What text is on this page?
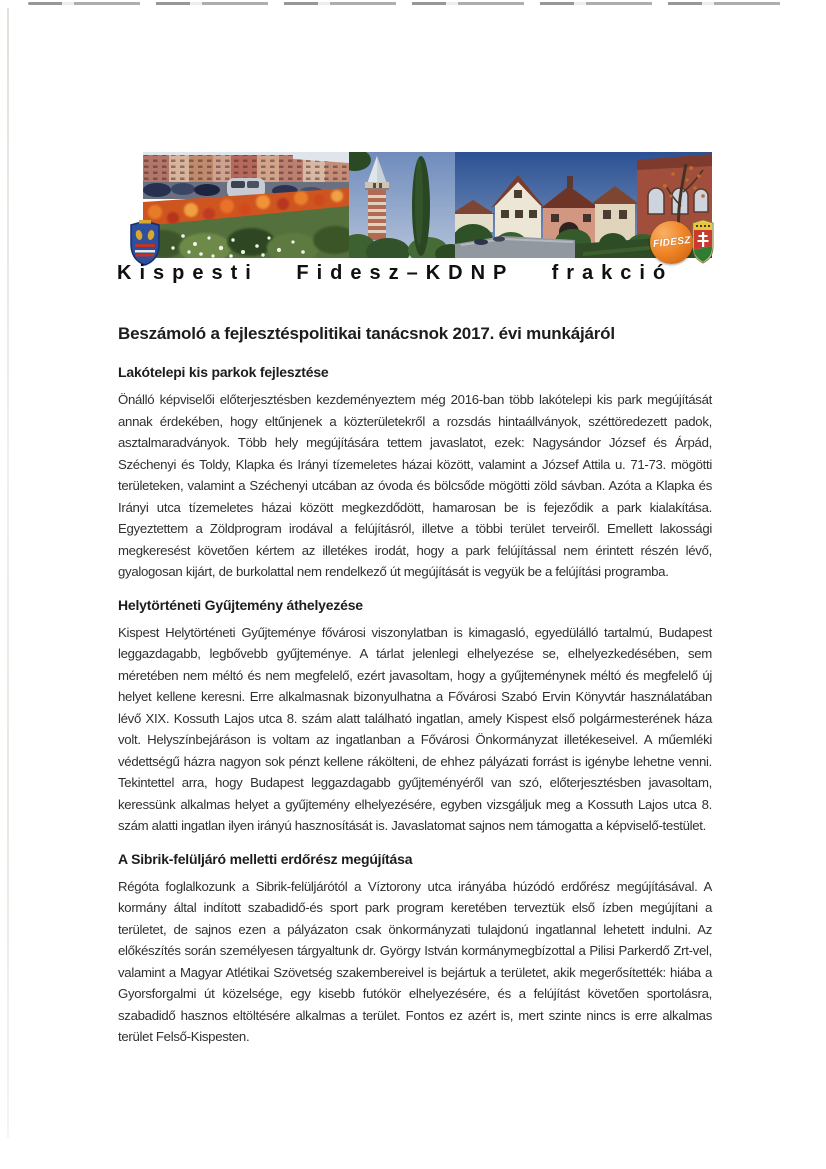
FIDESZ
Kispesti Fidesz–KDNP frakció
Beszámoló a fejlesztéspolitikai tanácsnok 2017. évi munkájáról
Lakótelepi kis parkok fejlesztése

Önálló képviselői előterjesztésben kezdeményeztem még 2016-ban több lakótelepi kis park megújítását annak érdekében, hogy eltűnjenek a közterületekről a rozsdás hintaállványok, széttöredezett padok, asztalmaradványok. Több hely megújítására tettem javaslatot, ezek: Nagysándor József és Árpád, Széchenyi és Toldy, Klapka és Irányi tízemeletes házai között, valamint a József Attila u. 71-73. mögötti területeken, valamint a Széchenyi utcában az óvoda és bölcsőde mögötti zöld sávban. Azóta a Klapka és Irányi utca tízemeletes házai között megkezdődött, hamarosan be is fejeződik a park kialakítása. Egyeztettem a Zöldprogram irodával a felújításról, illetve a többi terület terveiről. Emellett lakossági megkeresést követően kértem az illetékes irodát, hogy a park felújítással nem érintett részén lévő, gyalogosan kijárt, de burkolattal nem rendelkező út megújítását is vegyük be a felújítási programba.

Helytörténeti Gyűjtemény áthelyezése

Kispest Helytörténeti Gyűjteménye fővárosi viszonylatban is kimagasló, egyedülálló tartalmú, Budapest leggazdagabb, legbővebb gyűjteménye. A tárlat jelenlegi elhelyezése se, elhelyezkedésében, sem méretében nem méltó és nem megfelelő, ezért javasoltam, hogy a gyűjteménynek méltó és megfelelő új helyet kellene keresni. Erre alkalmasnak bizonyulhatna a Fővárosi Szabó Ervin Könyvtár használatában lévő XIX. Kossuth Lajos utca 8. szám alatt található ingatlan, amely Kispest első polgármesterének háza volt. Helyszínbejáráson is voltam az ingatlanban a Fővárosi Önkormányzat illetékeseivel. A műemléki védettségű házra nagyon sok pénzt kellene rákölteni, de ehhez pályázati forrást is igénybe lehetne venni. Tekintettel arra, hogy Budapest leggazdagabb gyűjteményéről van szó, előterjesztésben javasoltam, keressünk alkalmas helyet a gyűjtemény elhelyezésére, egyben vizsgáljuk meg a Kossuth Lajos utca 8. szám alatti ingatlan ilyen irányú hasznosítását is. Javaslatomat sajnos nem támogatta a képviselő-testület.

A Sibrik-felüljáró melletti erdőrész megújítása

Régóta foglalkozunk a Sibrik-felüljárótól a Víztorony utca irányába húzódó erdőrész megújításával. A kormány által indított szabadidő-és sport park program keretében terveztük első ízben megújítani a területet, de sajnos ezen a pályázaton csak önkormányzati tulajdonú ingatlannal lehetett indulni. Az előkészítés során személyesen tárgyaltunk dr. György István kormánymegbízottal a Pilisi Parkerdő Zrt-vel, valamint a Magyar Atlétikai Szövetség szakembereivel is bejártuk a területet, akik megerősítették: hiába a Gyorsforgalmi út közelsége, egy kisebb futókör elhelyezésére, és a felújítást követően sportolásra, szabadidő hasznos eltöltésére alkalmas a terület. Fontos ez azért is, mert szinte nincs is erre alkalmas terület Felső-Kispesten.
